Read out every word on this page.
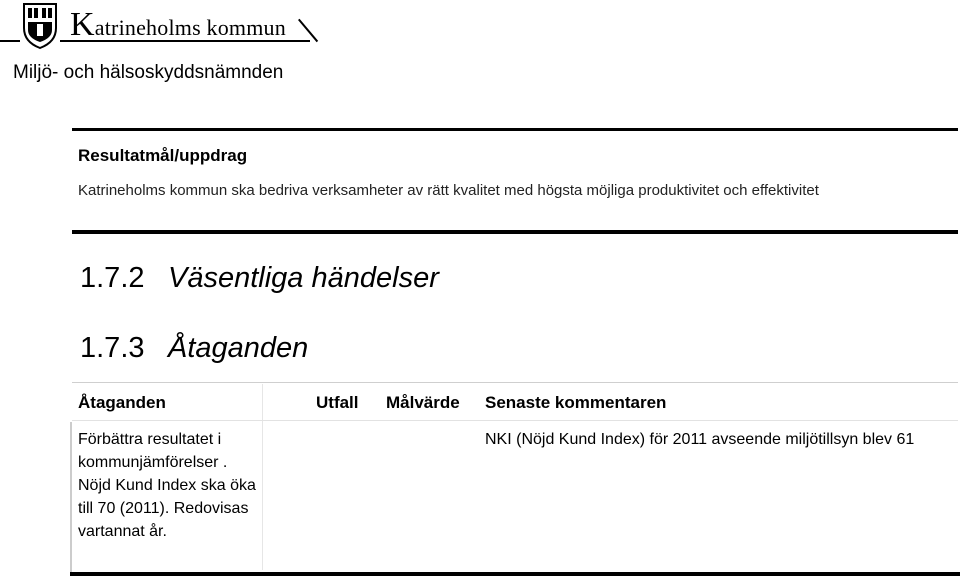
Katrineholms kommun
Miljö- och hälsoskyddsnämnden
Resultatmål/uppdrag
Katrineholms kommun ska bedriva verksamheter av rätt kvalitet med högsta möjliga produktivitet och effektivitet
1.7.2 Väsentliga händelser
1.7.3 Åtaganden
Åtaganden	Utfall Målvärde Senaste kommentaren
Förbättra resultatet i kommunjämförelser . Nöjd Kund Index ska öka till 70 (2011). Redovisas vartannat år.
NKI (Nöjd Kund Index) för 2011 avseende miljötillsyn blev 61
